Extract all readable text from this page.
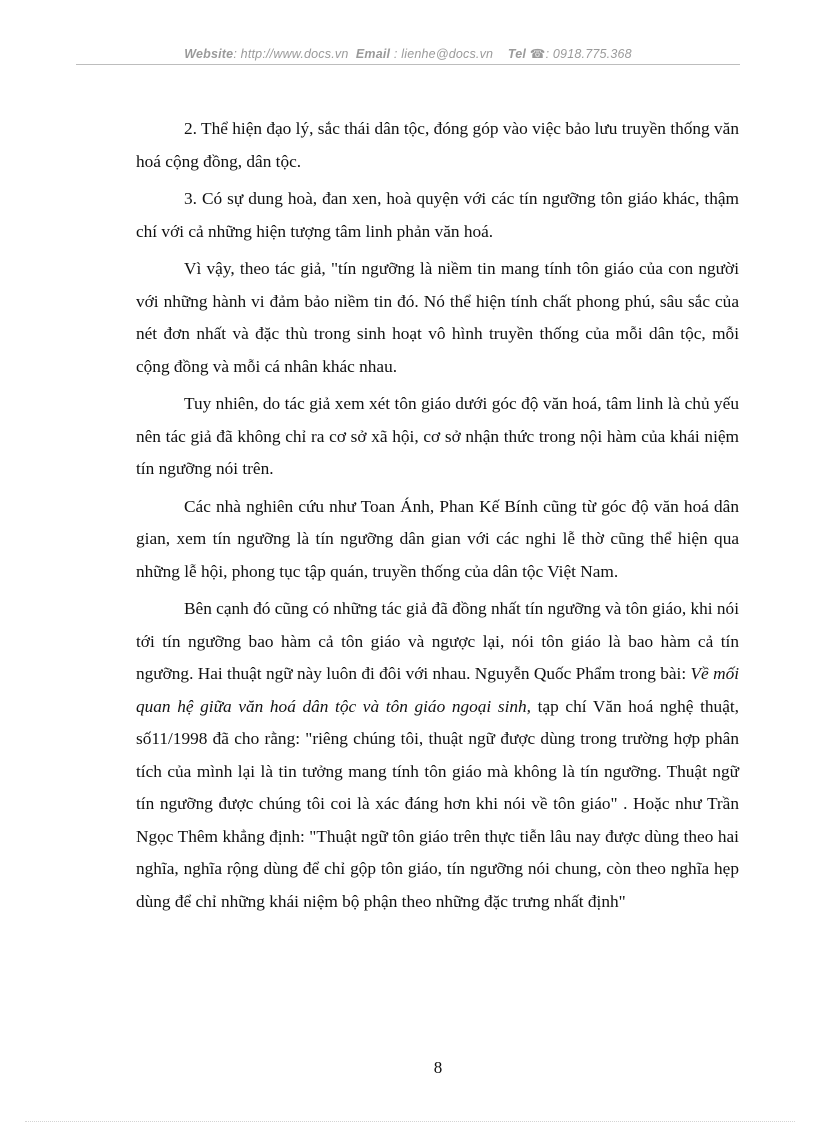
Website: http://www.docs.vn Email : lienhe@docs.vn Tel ☎: 0918.775.368

2. Thể hiện đạo lý, sắc thái dân tộc, đóng góp vào việc bảo lưu truyền thống văn hoá cộng đồng, dân tộc.

3. Có sự dung hoà, đan xen, hoà quyện với các tín ngưỡng tôn giáo khác, thậm chí với cả những hiện tượng tâm linh phản văn hoá.

Vì vậy, theo tác giả, "tín ngưỡng là niềm tin mang tính tôn giáo của con người với những hành vi đảm bảo niềm tin đó. Nó thể hiện tính chất phong phú, sâu sắc của nét đơn nhất và đặc thù trong sinh hoạt vô hình truyền thống của mỗi dân tộc, mỗi cộng đồng và mỗi cá nhân khác nhau.

Tuy nhiên, do tác giả xem xét tôn giáo dưới góc độ văn hoá, tâm linh là chủ yếu nên tác giả đã không chỉ ra cơ sở xã hội, cơ sở nhận thức trong nội hàm của khái niệm tín ngưỡng nói trên.

Các nhà nghiên cứu như Toan Ánh, Phan Kế Bính cũng từ góc độ văn hoá dân gian, xem tín ngưỡng là tín ngưỡng dân gian với các nghi lễ thờ cũng thể hiện qua những lễ hội, phong tục tập quán, truyền thống của dân tộc Việt Nam.

Bên cạnh đó cũng có những tác giả đã đồng nhất tín ngưỡng và tôn giáo, khi nói tới tín ngưỡng bao hàm cả tôn giáo và ngược lại, nói tôn giáo là bao hàm cả tín ngưỡng. Hai thuật ngữ này luôn đi đôi với nhau. Nguyễn Quốc Phẩm trong bài: Về mối quan hệ giữa văn hoá dân tộc và tôn giáo ngoại sinh, tạp chí Văn hoá nghệ thuật, số11/1998 đã cho rằng: "riêng chúng tôi, thuật ngữ được dùng trong trường hợp phân tích của mình lại là tin tưởng mang tính tôn giáo mà không là tín ngưỡng. Thuật ngữ tín ngưỡng được chúng tôi coi là xác đáng hơn khi nói về tôn giáo" . Hoặc như Trần Ngọc Thêm khẳng định: "Thuật ngữ tôn giáo trên thực tiễn lâu nay được dùng theo hai nghĩa, nghĩa rộng dùng để chỉ gộp tôn giáo, tín ngưỡng nói chung, còn theo nghĩa hẹp dùng để chỉ những khái niệm bộ phận theo những đặc trưng nhất định"

8
